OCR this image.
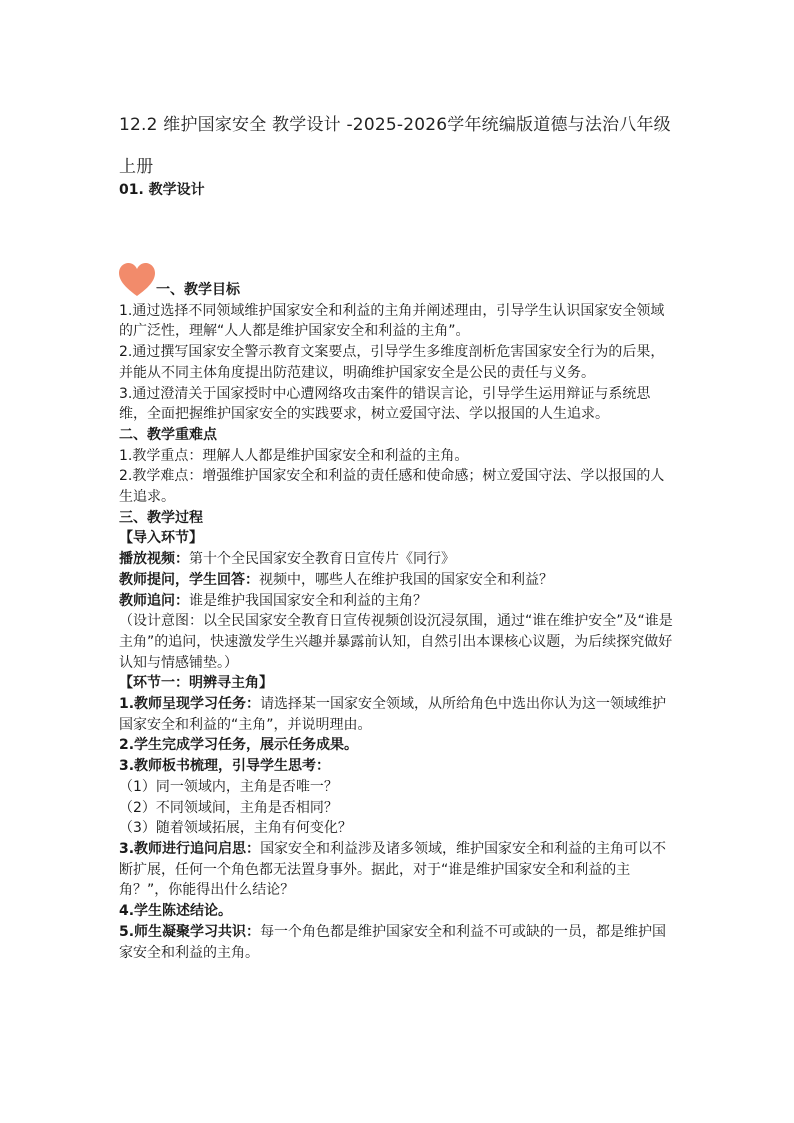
12.2 维护国家安全 教学设计 -2025-2026学年统编版道德与法治八年级上册
01. 教学设计

一、教学目标

1.通过选择不同领域维护国家安全和利益的主角并阐述理由，引导学生认识国家安全领域的广泛性，理解“人人都是维护国家安全和利益的主角”。

2.通过撰写国家安全警示教育文案要点，引导学生多维度剖析危害国家安全行为的后果，并能从不同主体角度提出防范建议，明确维护国家安全是公民的责任与义务。

3.通过澄清关于国家授时中心遭网络攻击案件的错误言论，引导学生运用辩证与系统思维，全面把握维护国家安全的实践要求，树立爱国守法、学以报国的人生追求。

二、教学重难点

1.教学重点：理解人人都是维护国家安全和利益的主角。

2.教学难点：增强维护国家安全和利益的责任感和使命感；树立爱国守法、学以报国的人生追求。

三、教学过程

【导入环节】

播放视频：第十个全民国家安全教育日宣传片《同行》

教师提问，学生回答：视频中，哪些人在维护我国的国家安全和利益？

教师追问：谁是维护我国国家安全和利益的主角？

（设计意图：以全民国家安全教育日宣传视频创设沉浸氛围，通过“谁在维护安全”及“谁是主角”的追问，快速激发学生兴趣并暴露前认知，自然引出本课核心议题，为后续探究做好认知与情感铺垫。）

【环节一：明辨寻主角】

1.教师呈现学习任务：请选择某一国家安全领域，从所给角色中选出你认为这一领域维护国家安全和利益的“主角”，并说明理由。

2.学生完成学习任务，展示任务成果。

3.教师板书梳理，引导学生思考：

（1）同一领域内，主角是否唯一？

（2）不同领域间，主角是否相同？

（3）随着领域拓展，主角有何变化？

3.教师进行追问启思：国家安全和利益涉及诸多领域，维护国家安全和利益的主角可以不断扩展，任何一个角色都无法置身事外。据此，对于“谁是维护国家安全和利益的主角？”，你能得出什么结论？

4.学生陈述结论。

5.师生凝聚学习共识：每一个角色都是维护国家安全和利益不可或缺的一员，都是维护国家安全和利益的主角。
